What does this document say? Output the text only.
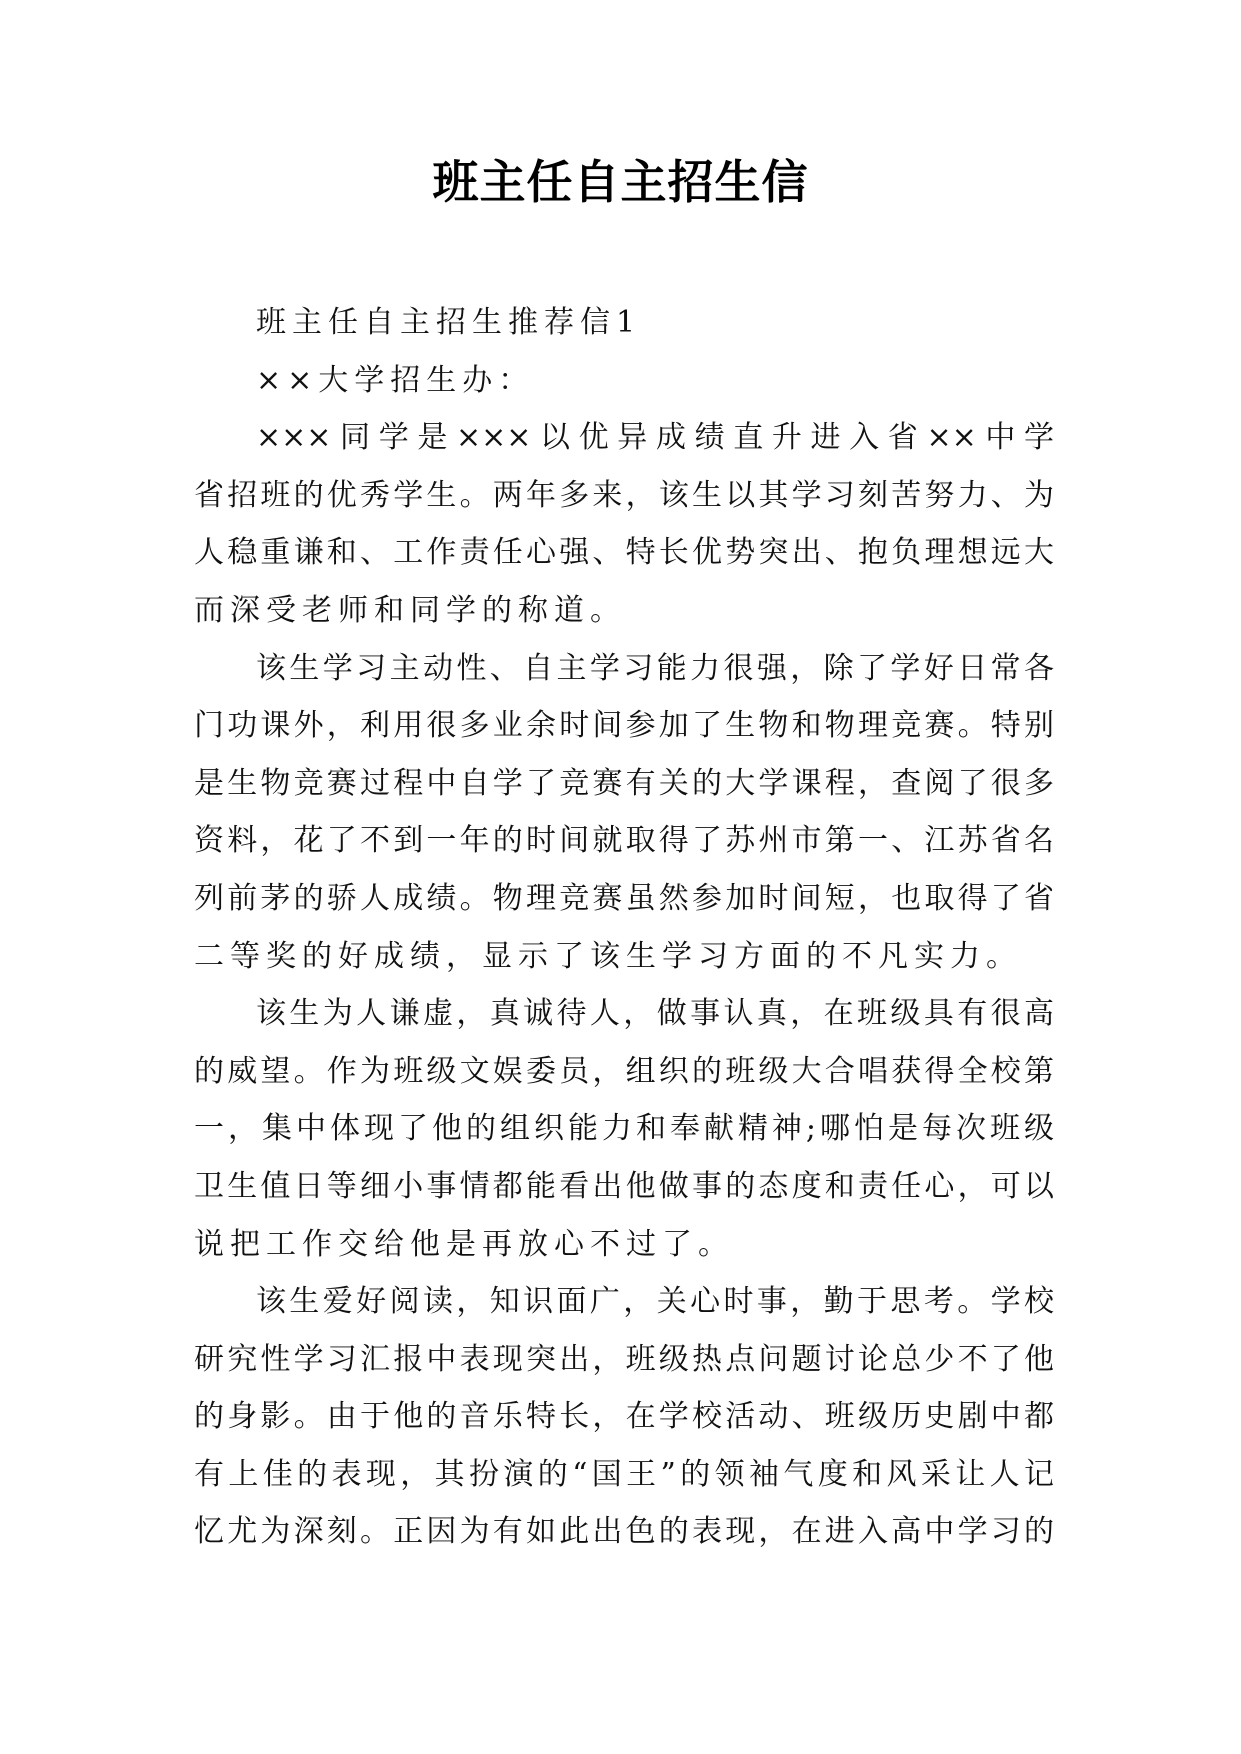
班主任自主招生信
班主任自主招生推荐信1
××大学招生办：
×××同学是×××以优异成绩直升进入省××中学
省招班的优秀学生。两年多来，该生以其学习刻苦努力、为
人稳重谦和、工作责任心强、特长优势突出、抱负理想远大
而深受老师和同学的称道。
该生学习主动性、自主学习能力很强，除了学好日常各
门功课外，利用很多业余时间参加了生物和物理竞赛。特别
是生物竞赛过程中自学了竞赛有关的大学课程，查阅了很多
资料，花了不到一年的时间就取得了苏州市第一、江苏省名
列前茅的骄人成绩。物理竞赛虽然参加时间短，也取得了省
二等奖的好成绩，显示了该生学习方面的不凡实力。
该生为人谦虚，真诚待人，做事认真，在班级具有很高
的威望。作为班级文娱委员，组织的班级大合唱获得全校第
一，集中体现了他的组织能力和奉献精神;哪怕是每次班级
卫生值日等细小事情都能看出他做事的态度和责任心，可以
说把工作交给他是再放心不过了。
该生爱好阅读，知识面广，关心时事，勤于思考。学校
研究性学习汇报中表现突出，班级热点问题讨论总少不了他
的身影。由于他的音乐特长，在学校活动、班级历史剧中都
有上佳的表现，其扮演的“国王”的领袖气度和风采让人记
忆尤为深刻。正因为有如此出色的表现，在进入高中学习的
